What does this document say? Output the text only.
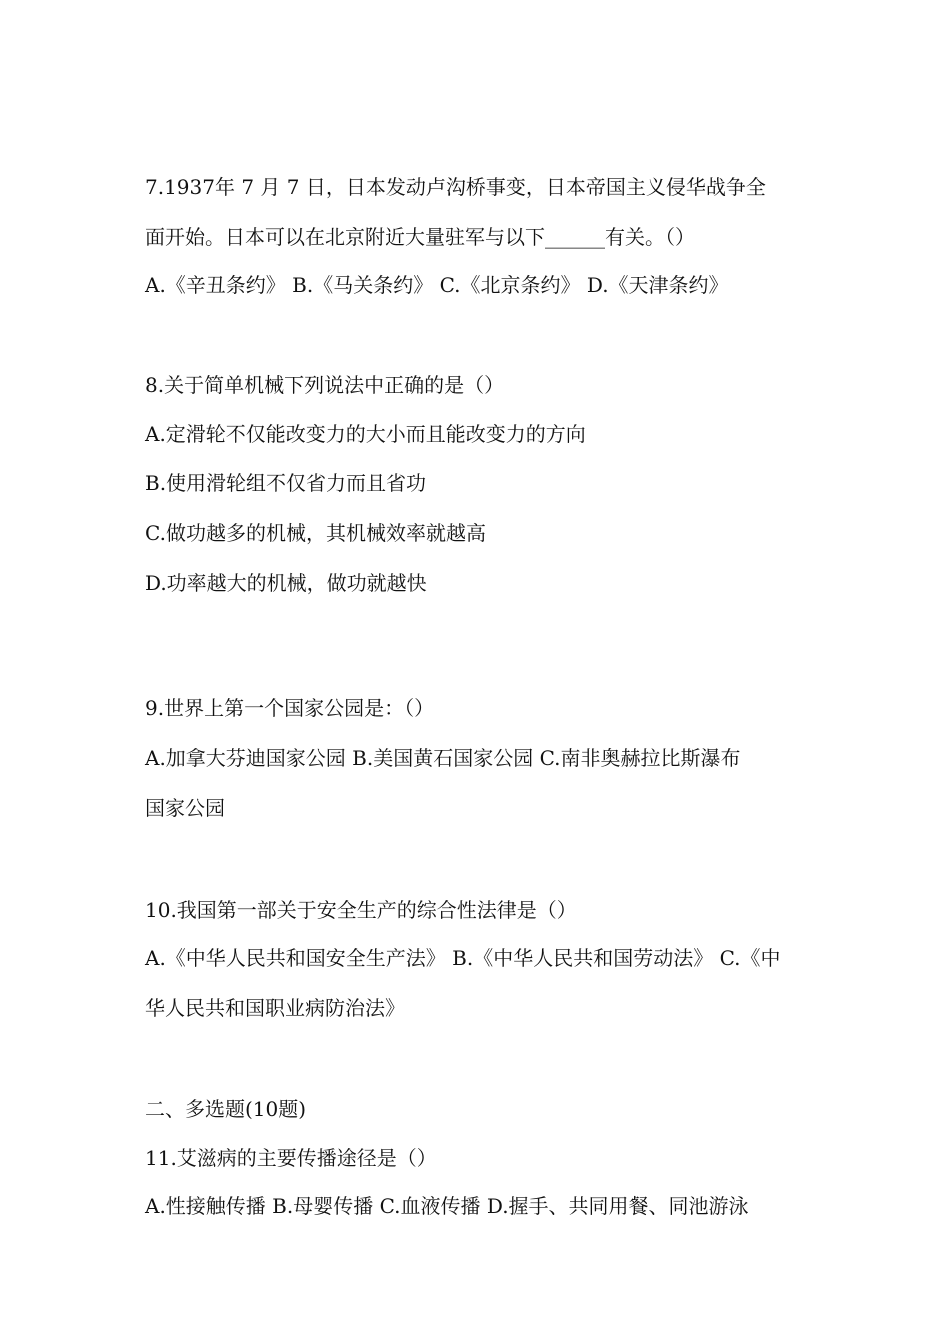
7.1937年 7 月 7 日，日本发动卢沟桥事变，日本帝国主义侵华战争全
面开始。日本可以在北京附近大量驻军与以下______有关。（）
A.《辛丑条约》 B.《马关条约》 C.《北京条约》 D.《天津条约》
8.关于简单机械下列说法中正确的是（）
A.定滑轮不仅能改变力的大小而且能改变力的方向
B.使用滑轮组不仅省力而且省功
C.做功越多的机械，其机械效率就越高
D.功率越大的机械，做功就越快
9.世界上第一个国家公园是：（）
A.加拿大芬迪国家公园 B.美国黄石国家公园 C.南非奥赫拉比斯瀑布
国家公园
10.我国第一部关于安全生产的综合性法律是（）
A.《中华人民共和国安全生产法》 B.《中华人民共和国劳动法》 C.《中
华人民共和国职业病防治法》
二、多选题(10题)
11.艾滋病的主要传播途径是（）
A.性接触传播 B.母婴传播 C.血液传播 D.握手、共同用餐、同池游泳
